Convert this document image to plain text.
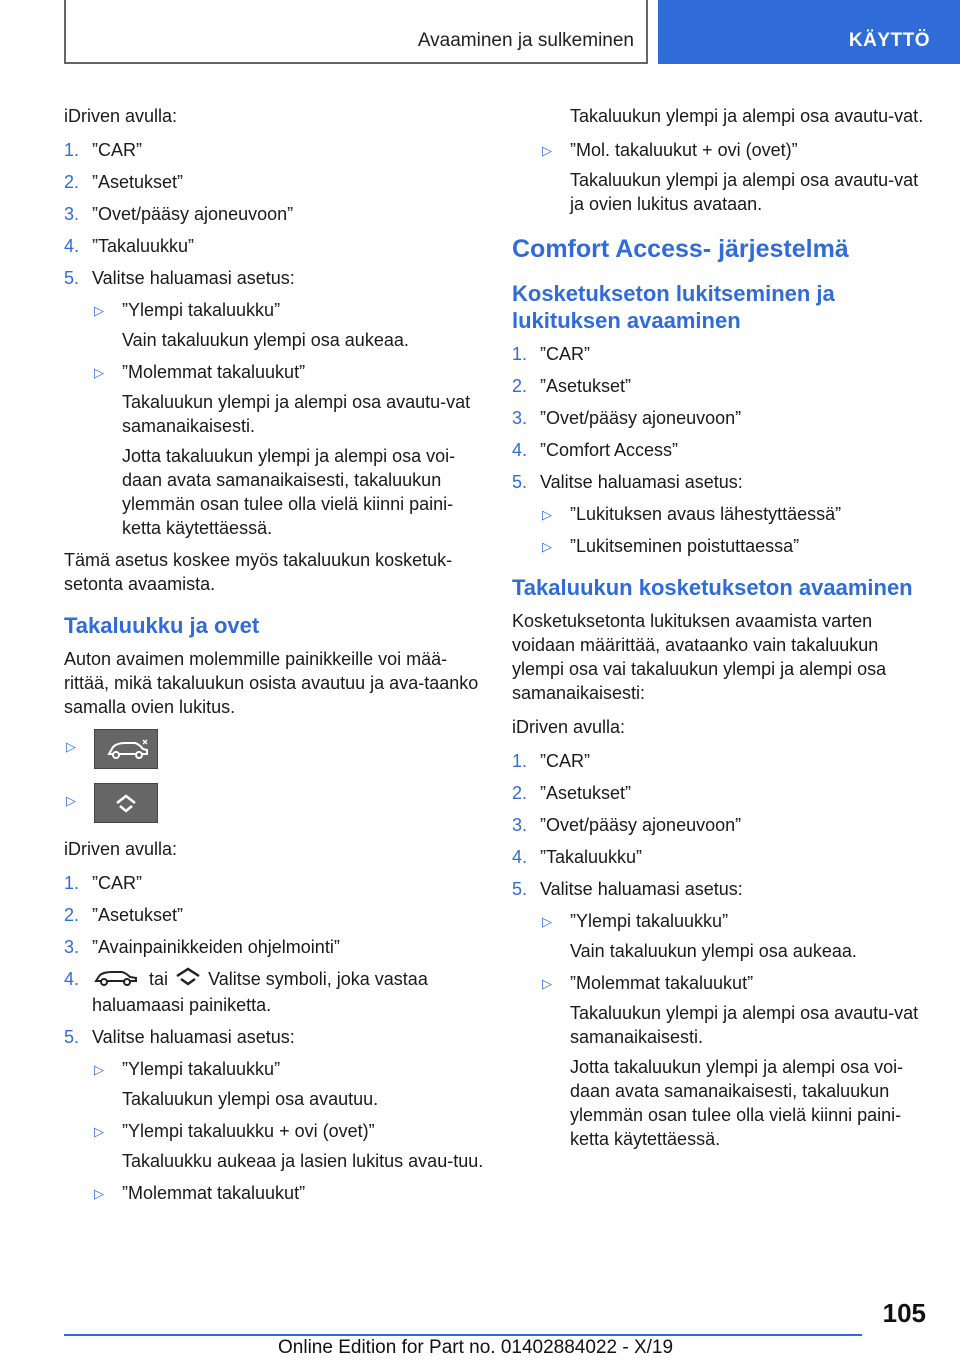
Avaaminen ja sulkeminen	KÄYTTÖ

iDriven avulla:

1. ”CAR”
2. ”Asetukset”
3. ”Ovet/pääsy ajoneuvoon”
4. ”Takaluukku”
5. Valitse haluamasi asetus:
▷ ”Ylempi takaluukku”

Vain takaluukun ylempi osa aukeaa.

▷ ”Molemmat takaluukut”

Takaluukun ylempi ja alempi osa avautu-vat samanaikaisesti.

Jotta takaluukun ylempi ja alempi osa voi-daan avata samanaikaisesti, takaluukun ylemmän osan tulee olla vielä kiinni paini-ketta käytettäessä.

Tämä asetus koskee myös takaluukun kosketuk-setonta avaamista.

Takaluukku ja ovet

Auton avaimen molemmille painikkeille voi mää-rittää, mikä takaluukun osista avautuu ja ava-taanko samalla ovien lukitus.

▷
▷

iDriven avulla:

1. ”CAR”
2. ”Asetukset”
3. ”Avainpainikkeiden ohjelmointi”
4.	tai Valitse symboli, joka vastaa haluamaasi painiketta.
5. Valitse haluamasi asetus:
▷ ”Ylempi takaluukku”

Takaluukun ylempi osa avautuu.

▷ ”Ylempi takaluukku + ovi (ovet)”

Takaluukku aukeaa ja lasien lukitus avau-tuu.

▷ ”Molemmat takaluukut”

Takaluukun ylempi ja alempi osa avautu-vat.

▷ ”Mol. takaluukut + ovi (ovet)”

Takaluukun ylempi ja alempi osa avautu-vat ja ovien lukitus avataan.

Comfort Access- järjestelmä
Kosketukseton lukitseminen ja lukituksen avaaminen
1. ”CAR”
2. ”Asetukset”
3. ”Ovet/pääsy ajoneuvoon”
4. ”Comfort Access”
5. Valitse haluamasi asetus:
▷ ”Lukituksen avaus lähestyttäessä”
▷ ”Lukitseminen poistuttaessa”
Takaluukun kosketukseton avaaminen

Kosketuksetonta lukituksen avaamista varten voidaan määrittää, avataanko vain takaluukun ylempi osa vai takaluukun ylempi ja alempi osa samanaikaisesti:

iDriven avulla:

1. ”CAR”
2. ”Asetukset”
3. ”Ovet/pääsy ajoneuvoon”
4. ”Takaluukku”
5. Valitse haluamasi asetus:
▷ ”Ylempi takaluukku”

Vain takaluukun ylempi osa aukeaa.

▷ ”Molemmat takaluukut”

Takaluukun ylempi ja alempi osa avautu-vat samanaikaisesti.

Jotta takaluukun ylempi ja alempi osa voi-daan avata samanaikaisesti, takaluukun ylemmän osan tulee olla vielä kiinni paini-ketta käytettäessä.

105
Online Edition for Part no. 01402884022 - X/19
